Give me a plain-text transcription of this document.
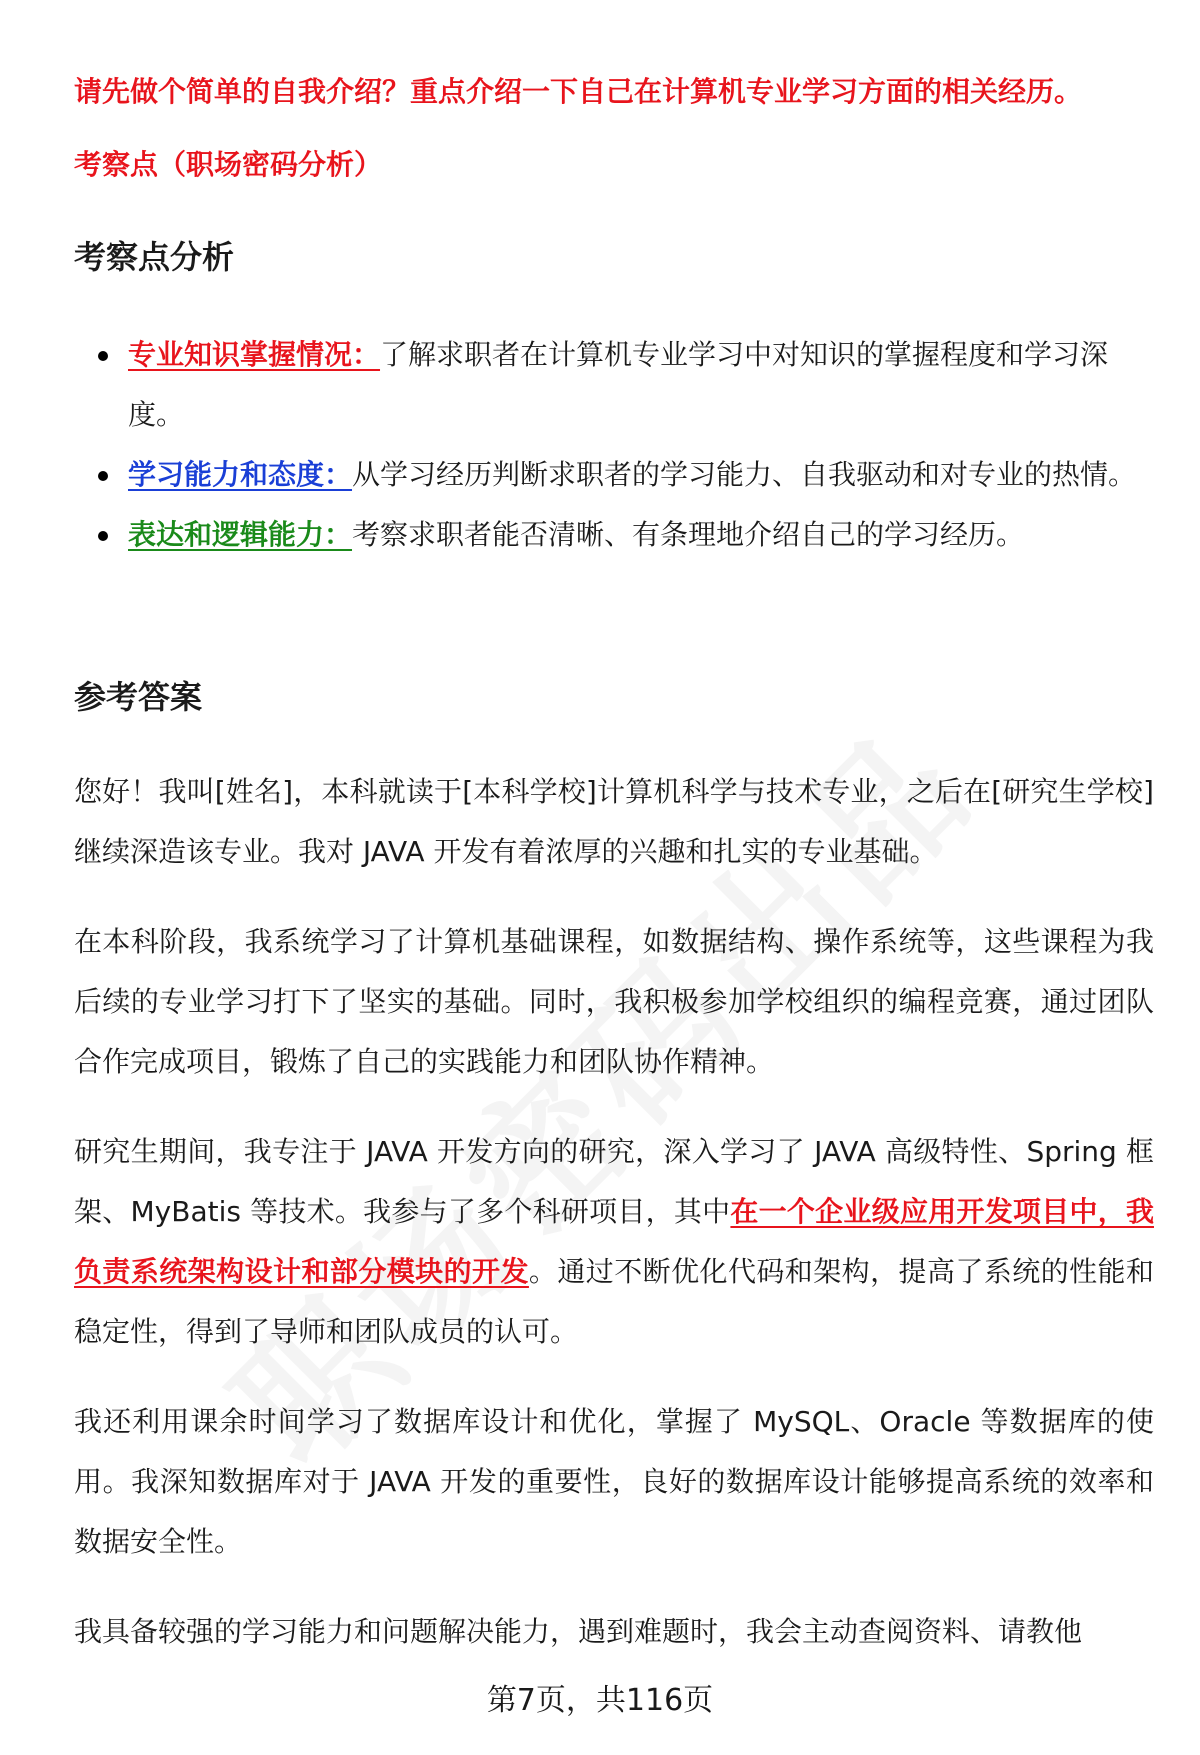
请先做个简单的自我介绍？重点介绍一下自己在计算机专业学习方面的相关经历。
考察点（职场密码分析）
考察点分析
专业知识掌握情况：了解求职者在计算机专业学习中对知识的掌握程度和学习深度。
学习能力和态度：从学习经历判断求职者的学习能力、自我驱动和对专业的热情。
表达和逻辑能力：考察求职者能否清晰、有条理地介绍自己的学习经历。
参考答案

您好！我叫[姓名]，本科就读于[本科学校]计算机科学与技术专业，之后在[研究生学校]继续深造该专业。我对 JAVA 开发有着浓厚的兴趣和扎实的专业基础。

在本科阶段，我系统学习了计算机基础课程，如数据结构、操作系统等，这些课程为我后续的专业学习打下了坚实的基础。同时，我积极参加学校组织的编程竞赛，通过团队合作完成项目，锻炼了自己的实践能力和团队协作精神。

研究生期间，我专注于 JAVA 开发方向的研究，深入学习了 JAVA 高级特性、Spring 框架、MyBatis 等技术。我参与了多个科研项目，其中在一个企业级应用开发项目中，我负责系统架构设计和部分模块的开发。通过不断优化代码和架构，提高了系统的性能和稳定性，得到了导师和团队成员的认可。

我还利用课余时间学习了数据库设计和优化，掌握了 MySQL、Oracle 等数据库的使用。我深知数据库对于 JAVA 开发的重要性，良好的数据库设计能够提高系统的效率和数据安全性。

我具备较强的学习能力和问题解决能力，遇到难题时，我会主动查阅资料、请教他

第7页，共116页
